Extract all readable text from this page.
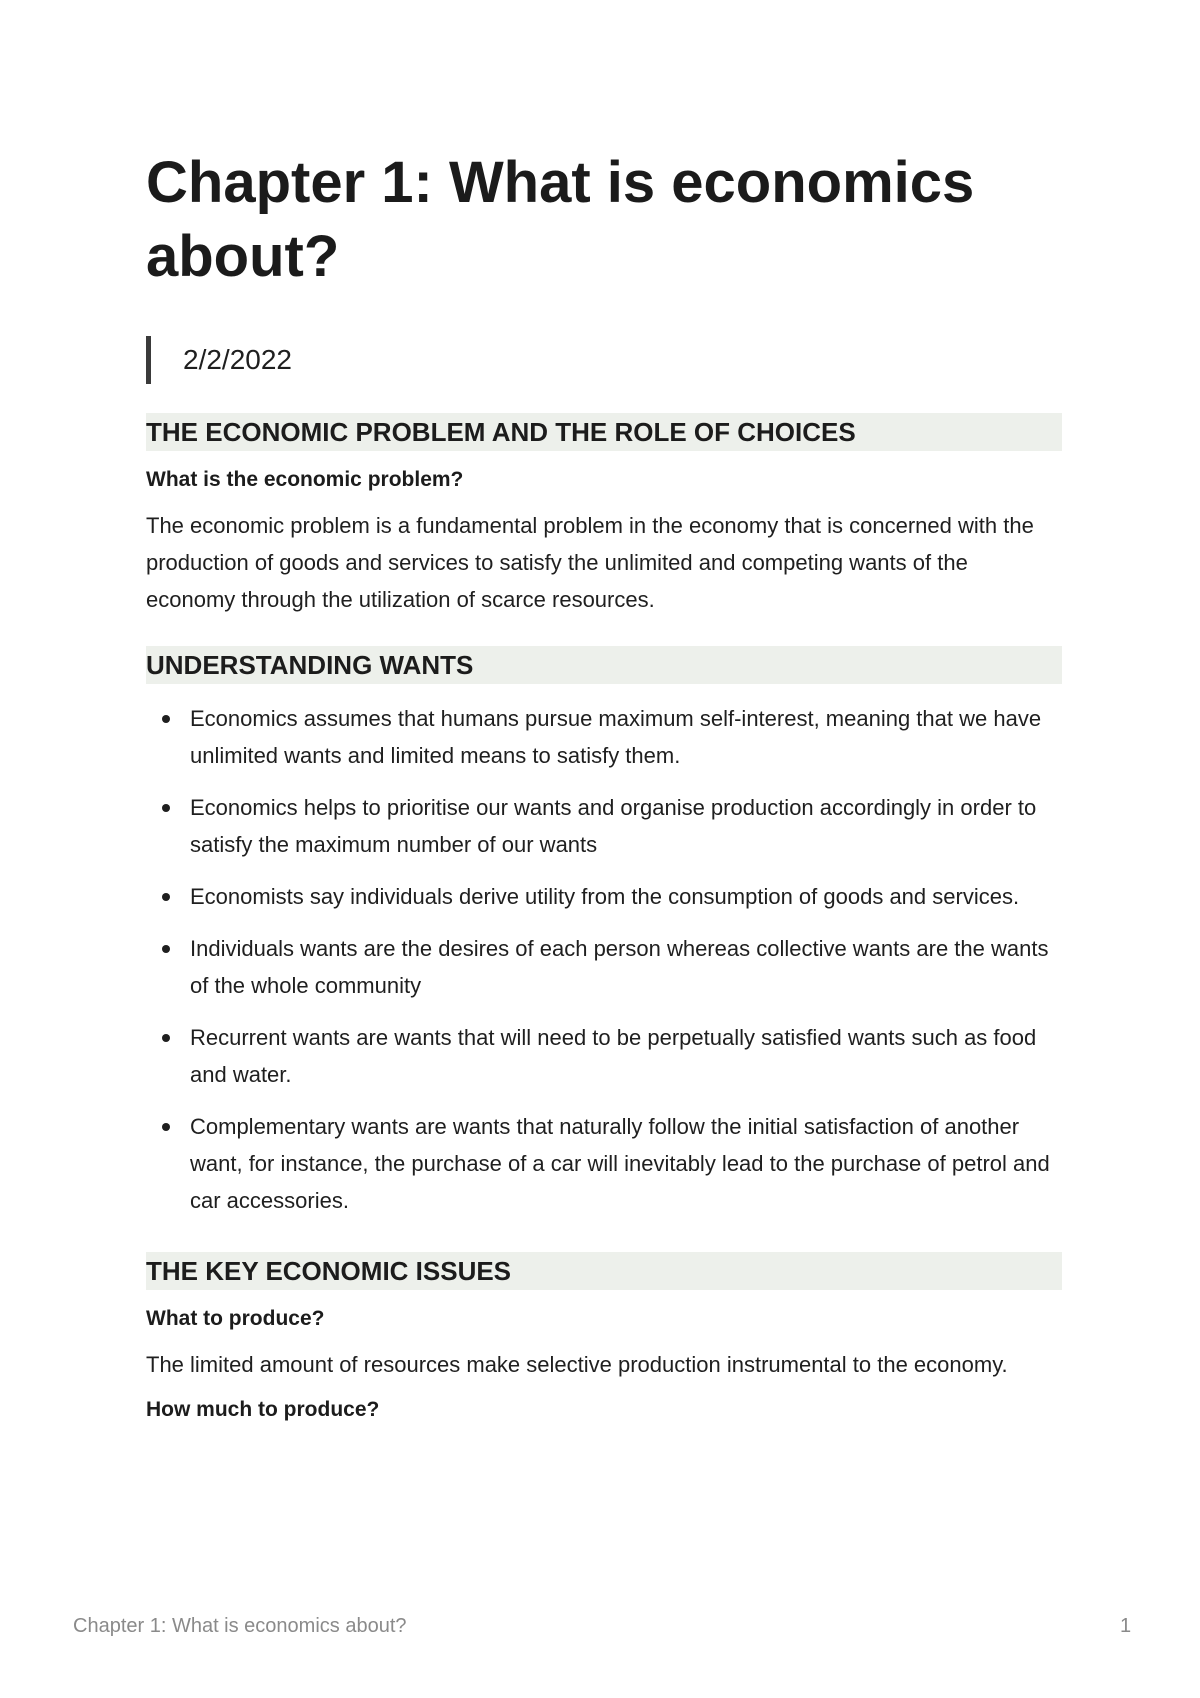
Chapter 1: What is economics about?
2/2/2022
THE ECONOMIC PROBLEM AND THE ROLE OF CHOICES

What is the economic problem?

The economic problem is a fundamental problem in the economy that is concerned with the production of goods and services to satisfy the unlimited and competing wants of the economy through the utilization of scarce resources.

UNDERSTANDING WANTS
Economics assumes that humans pursue maximum self-interest, meaning that we have unlimited wants and limited means to satisfy them.
Economics helps to prioritise our wants and organise production accordingly in order to satisfy the maximum number of our wants
Economists say individuals derive utility from the consumption of goods and services.
Individuals wants are the desires of each person whereas collective wants are the wants of the whole community
Recurrent wants are wants that will need to be perpetually satisfied wants such as food and water.
Complementary wants are wants that naturally follow the initial satisfaction of another want, for instance, the purchase of a car will inevitably lead to the purchase of petrol and car accessories.
THE KEY ECONOMIC ISSUES

What to produce?

The limited amount of resources make selective production instrumental to the economy.

How much to produce?

Chapter 1: What is economics about?	1
